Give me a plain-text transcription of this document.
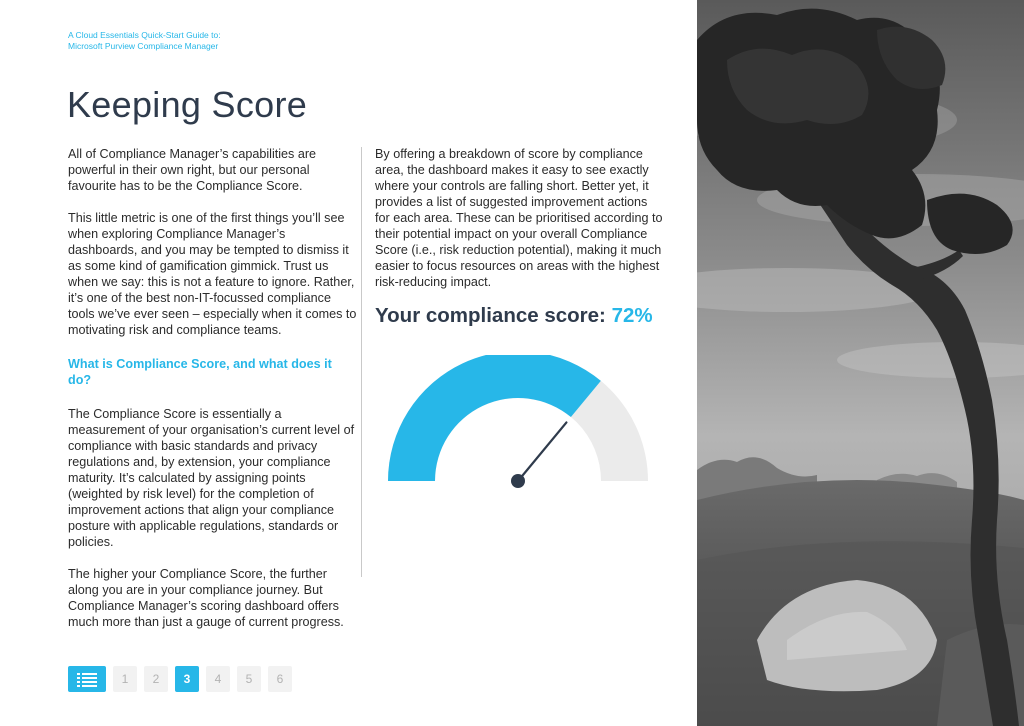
A Cloud Essentials Quick-Start Guide to:
Microsoft Purview Compliance Manager
Keeping Score

All of Compliance Manager’s capabilities are powerful in their own right, but our personal favourite has to be the Compliance Score.

This little metric is one of the first things you’ll see when exploring Compliance Manager’s dashboards, and you may be tempted to dismiss it as some kind of gamification gimmick. Trust us when we say: this is not a feature to ignore. Rather, it’s one of the best non-IT-focussed compliance tools we’ve ever seen – especially when it comes to motivating risk and compliance teams.

What is Compliance Score, and what does it do?

The Compliance Score is essentially a measurement of your organisation’s current level of compliance with basic standards and privacy regulations and, by extension, your compliance maturity. It’s calculated by assigning points (weighted by risk level) for the completion of improvement actions that align your compliance posture with applicable regulations, standards or policies.

The higher your Compliance Score, the further along you are in your compliance journey. But Compliance Manager’s scoring dashboard offers much more than just a gauge of current progress.

By offering a breakdown of score by compliance area, the dashboard makes it easy to see exactly where your controls are falling short. Better yet, it provides a list of suggested improvement actions for each area. These can be prioritised according to their potential impact on your overall Compliance Score (i.e., risk reduction potential), making it much easier to focus resources on areas with the highest risk-reducing impact.

Your compliance score: 72%
1	2	3	4	5	6
